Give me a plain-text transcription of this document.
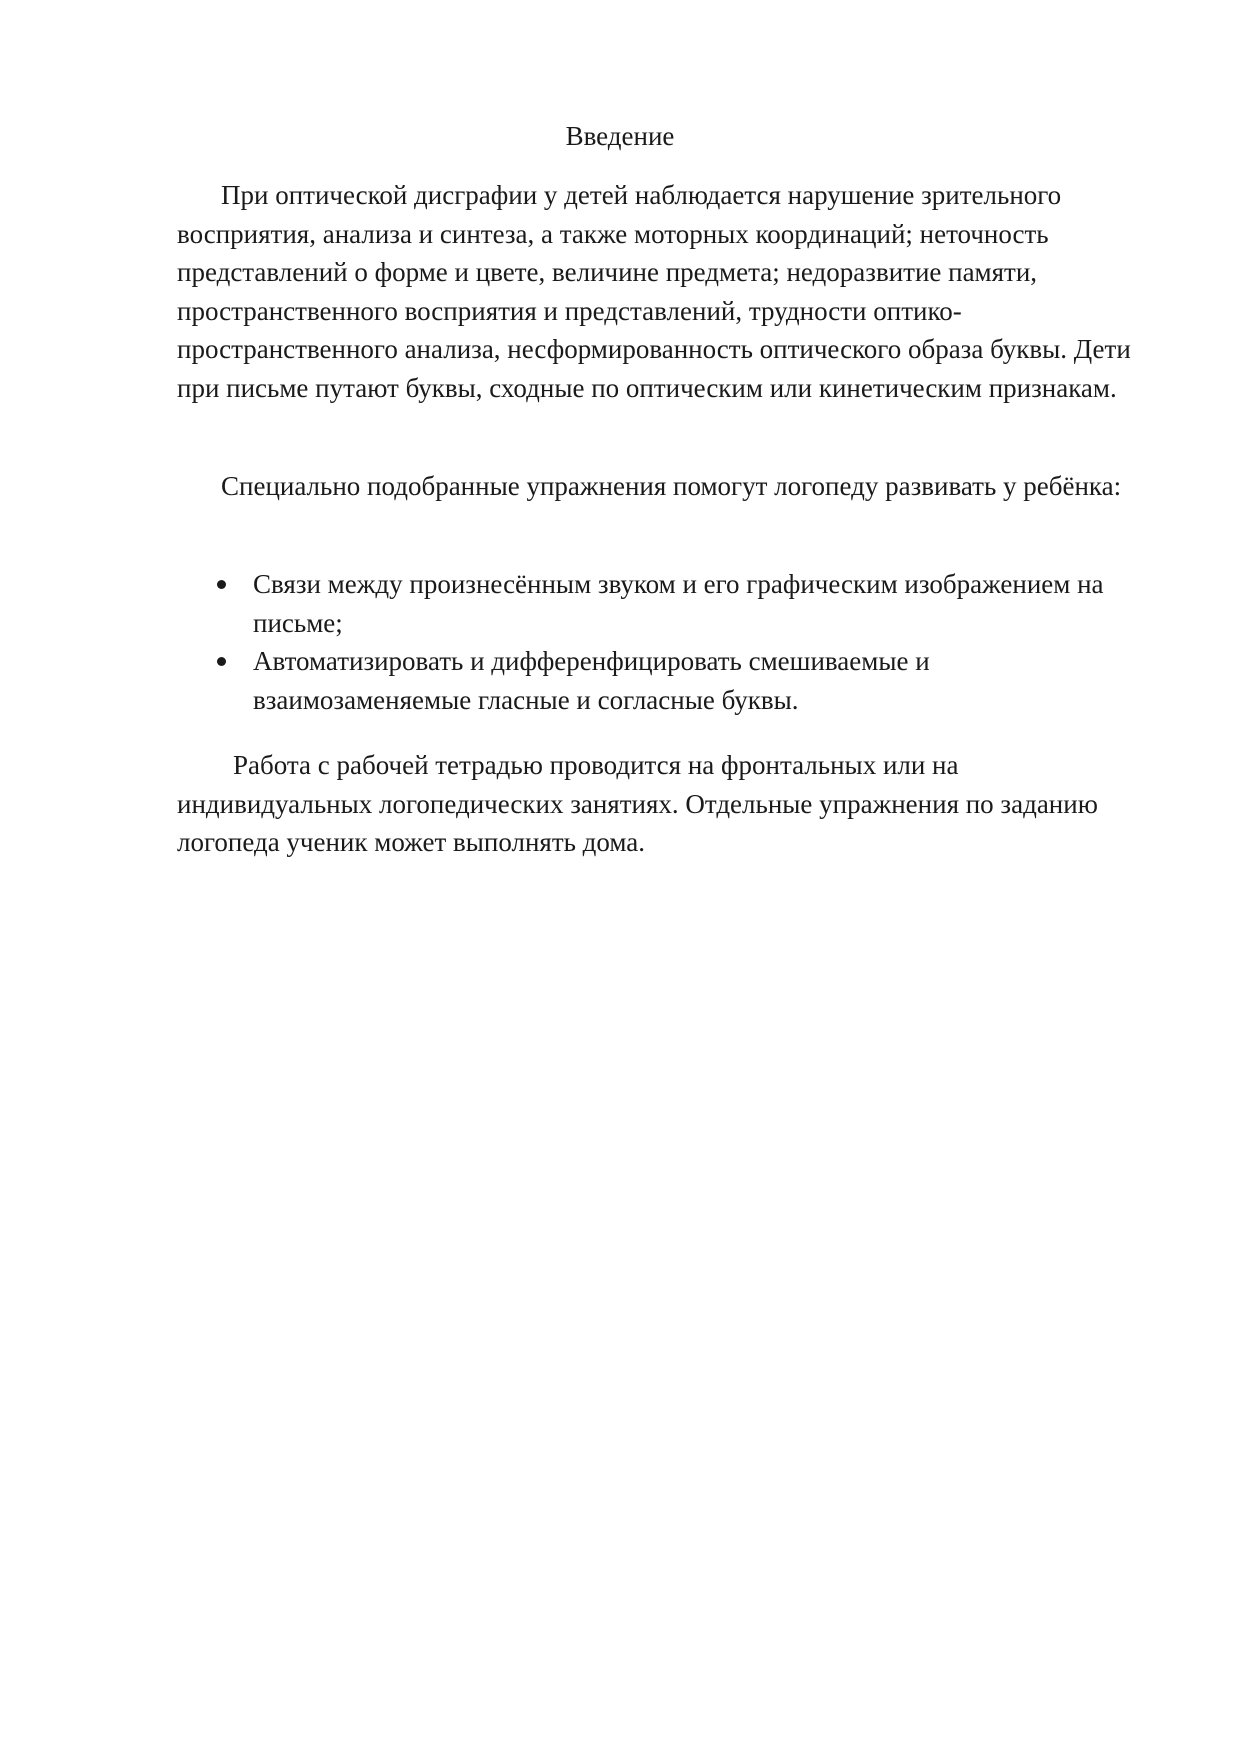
Введение

При оптической дисграфии у детей наблюдается нарушение зрительного восприятия, анализа и синтеза, а также моторных координаций; неточность представлений о форме и цвете, величине предмета; недоразвитие памяти, пространственного восприятия и представлений, трудности оптико-пространственного анализа, несформированность оптического образа буквы. Дети при письме путают буквы, сходные по оптическим или кинетическим признакам.

Специально подобранные упражнения помогут логопеду развивать у ребёнка:

Связи между произнесённым звуком и его графическим изображением на письме;
Автоматизировать и дифференфицировать смешиваемые и взаимозаменяемые гласные и согласные буквы.

Работа с рабочей тетрадью проводится на фронтальных или на индивидуальных логопедических занятиях. Отдельные упражнения по заданию логопеда ученик может выполнять дома.
